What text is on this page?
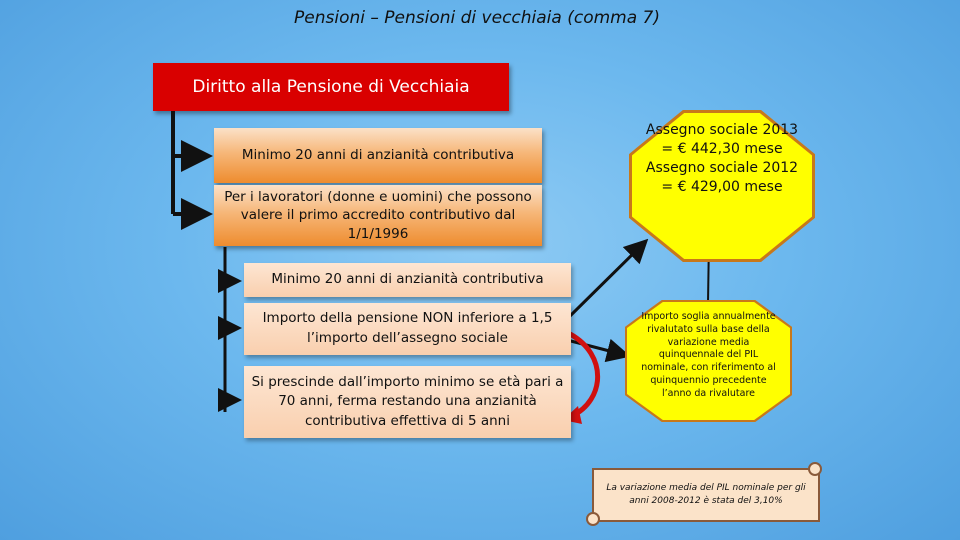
Pensioni – Pensioni di vecchiaia (comma 7)
Diritto alla Pensione di Vecchiaia
Minimo 20 anni di anzianità contributiva
Per i lavoratori (donne e uomini) che possono valere il primo accredito contributivo dal 1/1/1996
Minimo 20 anni di anzianità contributiva
Importo della pensione NON inferiore a 1,5 l’importo dell’assegno sociale
Si prescinde dall’importo minimo se età pari a 70 anni, ferma restando una anzianità contributiva effettiva di 5 anni
Assegno sociale 2013 = € 442,30 mese
Assegno sociale 2012 = € 429,00 mese
Importo soglia annualmente rivalutato sulla base della variazione media quinquennale del PIL nominale, con riferimento al quinquennio precedente l’anno da rivalutare
La variazione media del PIL nominale per gli anni 2008-2012 è stata del 3,10%
